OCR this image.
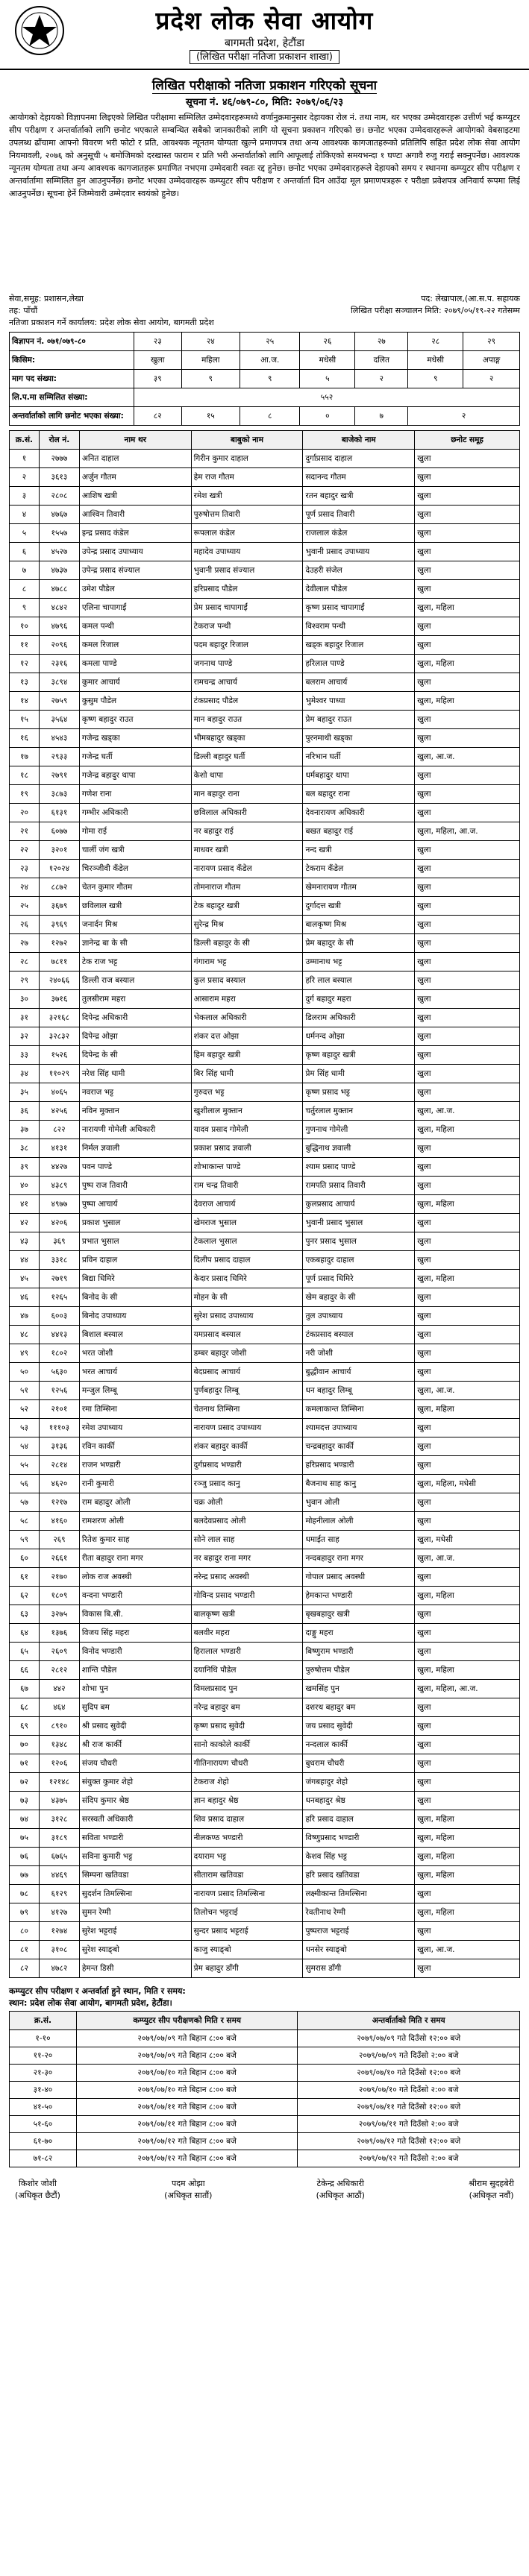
प्रदेश लोक सेवा आयोग
बागमती प्रदेश, हेटौंडा
(लिखित परीक्षा नतिजा प्रकाशन शाखा)
लिखित परीक्षाको नतिजा प्रकाशन गरिएको सूचना
सूचना नं. ४६/०७९-८०, मिति: २०७९/०६/२३
आयोगको देहायको विज्ञापनमा लिइएको लिखित परीक्षामा सम्मिलित उम्मेदवारहरूमध्ये वर्णानुक्रमानुसार देहायका रोल नं. तथा नाम, थर भएका उम्मेदवारहरू उत्तीर्ण भई कम्प्युटर सीप परीक्षण र अन्तर्वार्ताको लागि छनोट भएकाले सम्बन्धित सबैको जानकारीको लागि यो सूचना प्रकाशन गरिएको छ। छनोट भएका उम्मेदवारहरूले आयोगको वेबसाइटमा उपलब्ध ढाँचामा आफ्नो विवरण भरी फोटो र प्रति, आवश्यक न्यूनतम योग्यता खुल्ने प्रमाणपत्र तथा अन्य आवश्यक कागजातहरूको प्रतिलिपि सहित प्रदेश लोक सेवा आयोग नियमावली, २०७६ को अनुसूची ५ बमोजिमको दरखास्त फाराम र प्रति भरी अन्तर्वार्ताको लागि आफूलाई तोकिएको समयभन्दा १ घण्टा अगावै रुजु गराई सक्नुपर्नेछ। आवश्यक न्यूनतम योग्यता तथा अन्य आवश्यक कागजातहरू प्रमाणित नभएमा उम्मेदवारी स्वतः रद्द हुनेछ। छनोट भएका उम्मेदवारहरूले देहायको समय र स्थानमा कम्प्युटर सीप परीक्षण र अन्तर्वार्तामा सम्मिलित हुन आउनुपर्नेछ। छनोट भएका उम्मेदवारहरू कम्प्युटर सीप परीक्षण र अन्तर्वार्ता दिन आउँदा मूल प्रमाणपत्रहरू र परीक्षा प्रवेशपत्र अनिवार्य रूपमा लिई आउनुपर्नेछ। सूचना हेर्ने जिम्मेवारी उम्मेदवार स्वयंको हुनेछ।
सेवा,समूह: प्रशासन,लेखा	पद: लेखापाल,(आ.स.प. सहायक
तह: पाँचौं	लिखित परीक्षा सञ्चालन मिति: २०७९/०५/१९-२२ गतेसम्म
नतिजा प्रकाशन गर्ने कार्यालय: प्रदेश लोक सेवा आयोग, बागमती प्रदेश
विज्ञापन नं. ०७१/०७९-८०	२३	२४	२५	२६	२७	२८	२९
किसिम:	खुला	महिला	आ.ज.	मधेसी	दलित	मधेसी	अपाङ्ग
माग पद संख्या:	३९	९	९	५	२	९	२
लि.प.मा सम्मिलित संख्या:	५५२						
अन्तर्वार्ताको लागि छनोट भएका संख्या:	८२	१५	८	०	७	२	
क्र.सं.	रोल नं.	नाम थर	बाबुको नाम	बाजेको नाम	छनोट समूह
१	२७७७	अनित दाहाल	गिरीन कुमार दाहाल	दुर्गाप्रसाद दाहाल	खुला
२	३६१३	अर्जुन गौतम	हेम राज गौतम	सदानन्द गौतम	खुला
३	२८०८	आशिष खत्री	रमेश खत्री	रतन बहादुर खत्री	खुला
४	४७६७	आश्विन तिवारी	पुरुषोत्तम तिवारी	पूर्ण प्रसाद तिवारी	खुला
५	१५५७	इन्द्र प्रसाद कंडेल	रूपलाल कंडेल	राजलाल कंडेल	खुला
६	४५२७	उपेन्द्र प्रसाद उपाध्याय	महादेव उपाध्याय	भुवानी प्रसाद उपाध्याय	खुला
७	४७३७	उपेन्द्र प्रसाद संज्याल	भुवानी प्रसाद संज्याल	देउहरी संजेल	खुला
८	४७८८	उमेश पौडेल	हरिप्रसाद पौडेल	देवीलाल पौडेल	खुला
९	४८४२	एलिना चापागाईं	प्रेम प्रसाद चापागाईं	कृष्ण प्रसाद चापागाईं	खुला, महिला
१०	४७९६	कमल पन्थी	टेकराज पन्थी	विश्वराम पन्थी	खुला
११	२०९६	कमल रिजाल	पदम बहादुर रिजाल	खड्क बहादुर रिजाल	खुला
१२	२३१६	कमला पाण्डे	जगनाथ पाण्डे	हरिलाल पाण्डे	खुला, महिला
१३	३८९४	कुमार आचार्य	रामचन्द्र आचार्य	बलराम आचार्य	खुला
१४	२७५९	कुसुम पौडेल	टंकप्रसाद पौडेल	भुमेश्वर पाध्या	खुला, महिला
१५	३५६४	कृष्ण बहादुर राउत	मान बहादुर राउत	प्रेम बहादुर राउत	खुला
१६	४५४३	गजेन्द्र खड्का	भीमबहादुर खड्का	पुरनमाथी खड्का	खुला
१७	२९३३	गजेन्द्र घर्ती	डिल्ली बहादुर घर्ती	नरिभान घर्ती	खुला, आ.ज.
१८	२७९१	गजेन्द्र बहादुर थापा	केशो थापा	धर्मबहादुर थापा	खुला
१९	३८७३	गणेश राना	मान बहादुर राना	बल बहादुर राना	खुला
२०	६१३१	गम्भीर अधिकारी	छविलाल अधिकारी	देवनारायण अधिकारी	खुला
२१	६०७७	गोमा राई	नर बहादुर राई	बखत बहादुर राई	खुला, महिला, आ.ज.
२२	३२०१	चार्ली जंग खत्री	माधवर खत्री	नन्द खत्री	खुला
२३	१२०२४	चिरञ्जीवी कँडेल	नारायण प्रसाद कँडेल	टेकराम कँडेल	खुला
२४	८८७२	चेतन कुमार गौतम	तोमनाराज गौतम	खेमनारायण गौतम	खुला
२५	३६७९	छविलाल खत्री	टेक बहादुर खत्री	दुर्गादत्त खत्री	खुला
२६	३९६९	जनार्दन मिश्र	सुरेन्द्र मिश्र	बालकृष्ण मिश्र	खुला
२७	१२७२	ज्ञानेन्द्र बा के सी	डिल्ली बहादुर के सी	प्रेम बहादुर के सी	खुला
२८	७८११	टेक राज भट्ट	गंगाराम भट्ट	उम्मानाथ भट्ट	खुला
२९	२४०६६	डिल्ली राज बस्याल	कुल प्रसाद बस्याल	हरि लाल बस्याल	खुला
३०	३७१६	तुलसीराम महरा	आसाराम महरा	दुर्ग बहादुर महरा	खुला
३१	३२१६८	दिपेन्द्र अधिकारी	भेकलाल अधिकारी	डिलराम अधिकारी	खुला
३२	३२८३२	दिपेन्द्र ओझा	शंकर दत्त ओझा	धर्मनन्द ओझा	खुला
३३	१५२६	दिपेन्द्र के सी	हिम बहादुर खत्री	कृष्ण बहादुर खत्री	खुला
३४	११०२९	नरेश सिंह धामी	बिर सिंह धामी	प्रेम सिंह धामी	खुला
३५	४०६५	नवराज भट्ट	गुरुदत्त भट्ट	कृष्ण प्रसाद भट्ट	खुला
३६	४२५६	नविन मुक्तान	खुशीलाल मुक्तान	चर्तुरलाल मुक्तान	खुला, आ.ज.
३७	८२२	नारायणी गोमेली अधिकारी	यादव प्रसाद गोमेली	गुणनाथ गोमेली	खुला, महिला
३८	४१३१	निर्मल ज्ञवाली	प्रकाश प्रसाद ज्ञवाली	बुद्धिनाथ ज्ञवाली	खुला
३९	४४२७	पवन पाण्डे	शोभाकान्त पाण्डे	श्याम प्रसाद पाण्डे	खुला
४०	४३८९	पुष्प राज तिवारी	राम चन्द्र तिवारी	रामपति प्रसाद तिवारी	खुला
४१	४९७७	पुष्पा आचार्य	देवराज आचार्य	कुलप्रसाद आचार्य	खुला, महिला
४२	४२०६	प्रकाश भुसाल	खेमराज भुसाल	भुवानी प्रसाद भुसाल	खुला
४३	३६९	प्रभात भुसाल	टेकलाल भुसाल	पुनर प्रसाद भुसाल	खुला
४४	३३१८	प्रविन दाहाल	दिलीप प्रसाद दाहाल	एकबहादुर दाहाल	खुला
४५	२७१९	बिद्या धिमिरे	केदार प्रसाद धिमिरे	पूर्ण प्रसाद धिमिरे	खुला, महिला
४६	१२६५	बिनोद के सी	मोहन के सी	खेम बहादुर के सी	खुला
४७	६००३	बिनोद उपाध्याय	सुरेश प्रसाद उपाध्याय	तुल उपाध्याय	खुला
४८	४४१३	बिशाल बस्याल	यमप्रसाद बस्याल	टंकप्रसाद बस्याल	खुला
४९	१८०२	भरत जोशी	डम्बर बहादुर जोशी	नरी जोशी	खुला
५०	५६३०	भरत आचार्य	बेदप्रसाद आचार्य	बुद्धीवान आचार्य	खुला
५१	१२५६	मन्जुल लिम्बू	पुर्णबहादुर लिम्बू	धन बहादुर लिम्बू	खुला, आ.ज.
५२	२१०१	रमा तिम्सिना	चेतनाथ तिम्सिना	कमलाकान्त तिम्सिना	खुला, महिला
५३	१११०३	रमेश उपाध्याय	नारायण प्रसाद उपाध्याय	श्यामदत्त उपाध्याय	खुला
५४	३१३६	रविन कार्की	शंकर बहादुर कार्की	चन्द्रबहादुर कार्की	खुला
५५	२८१४	राजन भण्डारी	दुर्गप्रसाद भण्डारी	हरिप्रसाद भण्डारी	खुला
५६	४६२०	रानी कुमारी	रञ्जु प्रसाद कानु	बैजनाथ साह कानु	खुला, महिला, मधेसी
५७	१२१७	राम बहादुर ओली	चक्र ओली	भुवान ओली	खुला
५८	४१६०	रामशरण ओली	बलदेवप्रसाद ओली	मोहनीलाल ओली	खुला
५९	२६९	रितेश कुमार साह	सोने लाल साह	धमाईत साह	खुला, मधेसी
६०	२६६१	रीता बहादुर राना मगर	नर बहादुर राना मगर	नन्दबहादुर राना मगर	खुला, आ.ज.
६१	२१७०	लोक राज अवस्थी	नरेन्द्र प्रसाद अवस्थी	गोपाल प्रसाद अवस्थी	खुला
६२	१८०९	वन्दना भण्डारी	गोविन्द प्रसाद भण्डारी	हेमकान्त भण्डारी	खुला, महिला
६३	३२७५	विकास बि.सी.	बालकृष्ण खत्री	बृखबहादुर खत्री	खुला
६४	१३७६	विजय सिंह महरा	बलवीर महरा	दाङ्गु महरा	खुला
६५	२६०९	विनोद भण्डारी	हिरालाल भण्डारी	बिष्णुराम भण्डारी	खुला
६६	२८१२	शान्ति पौडेल	दयानिधि पौडेल	पुरुषोत्तम पौडेल	खुला, महिला
६७	४४२	शोभा पुन	विमलप्रसाद पुन	खमसिंह पुन	खुला, महिला, आ.ज.
६८	४६४	सुदिप बम	नरेन्द्र बहादुर बम	दशरथ बहादुर बम	खुला
६९	८९१०	श्री प्रसाद सुवेदी	कृष्ण प्रसाद सुवेदी	जय प्रसाद सुवेदी	खुला
७०	१३४८	श्री राज कार्की	सानो काकोले कार्की	नन्दलाल कार्की	खुला
७१	१२०६	संजय चौधरी	गीतिनारायण चौधरी	बुधराम चौधरी	खुला
७२	१२१४८	संयुक्त कुमार शेहो	टेकराज शेहो	जंगबहादुर शेहो	खुला
७३	४३७५	संदिप कुमार श्रेष्ठ	ज्ञान बहादुर श्रेष्ठ	धनबहादुर श्रेष्ठ	खुला
७४	३१२८	सरस्वती अधिकारी	शिव प्रसाद दाहाल	हरि प्रसाद दाहाल	खुला, महिला
७५	३१८९	सविता भण्डारी	नीलकण्ठ भण्डारी	विष्णुप्रसाद भण्डारी	खुला, महिला
७६	६७६५	सविना कुमारी भट्ट	दयाराम भट्ट	केशव सिंह भट्ट	खुला, महिला
७७	४४६९	सिम्पना खतिवडा	सीताराम खतिवडा	हरि प्रसाद खतिवडा	खुला, महिला
७८	६१२९	सुदर्शन तिमल्सिना	नारायण प्रसाद तिमल्सिना	लक्ष्मीकान्त तिमल्सिना	खुला
७९	४१२७	सुमन रेग्मी	तिलोचन भट्टराई	रेवतीनाथ रेग्मी	खुला, महिला
८०	१२७४	सुरेश भट्टराई	सुन्दर प्रसाद भट्टराई	पुष्पराज भट्टराई	खुला
८१	३१०८	सुरेश स्याङ्बो	काजु स्याङ्बो	धनसेर स्याङ्बो	खुला, आ.ज.
८२	४७८२	हेमन्त डिसी	प्रेम बहादुर डाँगी	सुमरास डाँगी	खुला
कम्प्युटर सीप परीक्षण र अन्तर्वार्ता हुने स्थान, मिति र समय:
स्थान: प्रदेश लोक सेवा आयोग, बागमती प्रदेश, हेटौंडा।
क्र.सं.	कम्प्युटर सीप परीक्षणको मिति र समय	अन्तर्वार्ताको मिति र समय
१-१०	२०७९/०७/०९ गते बिहान ८:०० बजे	२०७९/०७/०९ गते दिउँसो १२:०० बजे
११-२०	२०७९/०७/०९ गते बिहान ८:०० बजे	२०७९/०७/०९ गते दिउँसो २:०० बजे
२१-३०	२०७९/०७/१० गते बिहान ८:०० बजे	२०७९/०७/१० गते दिउँसो १२:०० बजे
३१-४०	२०७९/०७/१० गते बिहान ८:०० बजे	२०७९/०७/१० गते दिउँसो २:०० बजे
४१-५०	२०७९/०७/११ गते बिहान ८:०० बजे	२०७९/०७/११ गते दिउँसो १२:०० बजे
५१-६०	२०७९/०७/११ गते बिहान ८:०० बजे	२०७९/०७/११ गते दिउँसो २:०० बजे
६१-७०	२०७९/०७/१२ गते बिहान ८:०० बजे	२०७९/०७/१२ गते दिउँसो १२:०० बजे
७१-८२	२०७९/०७/१२ गते बिहान ८:०० बजे	२०७९/०७/१२ गते दिउँसो २:०० बजे
किशोर जोशी
(अधिकृत छैटौं)
पदम ओझा
(अधिकृत सातौं)
टेकेन्द्र अधिकारी
(अधिकृत आठौं)
श्रीराम सुदहबेरी
(अधिकृत नवौं)
